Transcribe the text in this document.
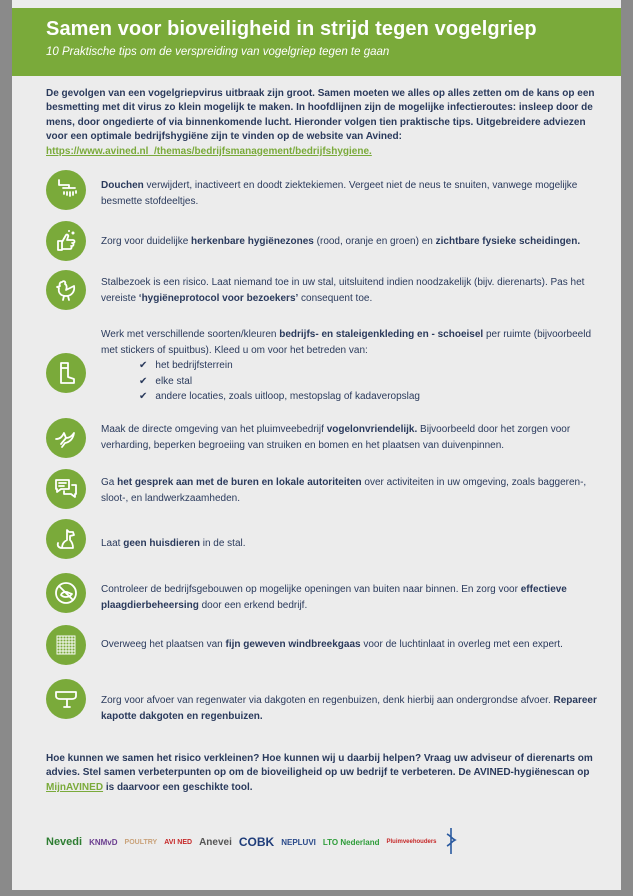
Samen voor bioveiligheid in strijd tegen vogelgriep
10 Praktische tips om de verspreiding van vogelgriep tegen te gaan
De gevolgen van een vogelgriepvirus uitbraak zijn groot. Samen moeten we alles op alles zetten om de kans op een besmetting met dit virus zo klein mogelijk te maken. In hoofdlijnen zijn de mogelijke infectieroutes: insleep door de mens, door ongedierte of via binnenkomende lucht. Hieronder volgen tien praktische tips. Uitgebreidere adviezen voor een optimale bedrijfshygiëne zijn te vinden op de website van Avined:
https://www.avined.nl_/themas/bedrijfsmanagement/bedrijfshygiene.
Douchen verwijdert, inactiveert en doodt ziektekiemen. Vergeet niet de neus te snuiten, vanwege mogelijke besmette stofdeeltjes.
Zorg voor duidelijke herkenbare hygiënezones (rood, oranje en groen) en zichtbare fysieke scheidingen.
Stalbezoek is een risico. Laat niemand toe in uw stal, uitsluitend indien noodzakelijk (bijv. dierenarts). Pas het vereiste ‘hygiëneprotocol voor bezoekers’ consequent toe.
Werk met verschillende soorten/kleuren bedrijfs- en staleigenkleding en - schoeisel per ruimte (bijvoorbeeld met stickers of spuitbus). Kleed u om voor het betreden van:
✔ het bedrijfsterrein
✔ elke stal
✔ andere locaties, zoals uitloop, mestopslag of kadaveropslag
Maak de directe omgeving van het pluimveebedrijf vogelonvriendelijk. Bijvoorbeeld door het zorgen voor verharding, beperken begroeiing van struiken en bomen en het plaatsen van duivenpinnen.
Ga het gesprek aan met de buren en lokale autoriteiten over activiteiten in uw omgeving, zoals baggeren-, sloot-, en landwerkzaamheden.
Laat geen huisdieren in de stal.
Controleer de bedrijfsgebouwen op mogelijke openingen van buiten naar binnen. En zorg voor effectieve plaagdierbeheersing door een erkend bedrijf.
Overweeg het plaatsen van fijn geweven windbreekgaas voor de luchtinlaat in overleg met een expert.
Zorg voor afvoer van regenwater via dakgoten en regenbuizen, denk hierbij aan ondergrondse afvoer. Repareer kapotte dakgoten en regenbuizen.
Hoe kunnen we samen het risico verkleinen? Hoe kunnen wij u daarbij helpen? Vraag uw adviseur of dierenarts om advies. Stel samen verbeterpunten op om de bioveiligheid op uw bedrijf te verbeteren. De AVINED-hygiënescan op MijnAVINED is daarvoor een geschikte tool.
Nevedi KNMvD POULTRY AVI NED Anevei COBK NEPLUVI LTO Nederland Pluimveehouders
